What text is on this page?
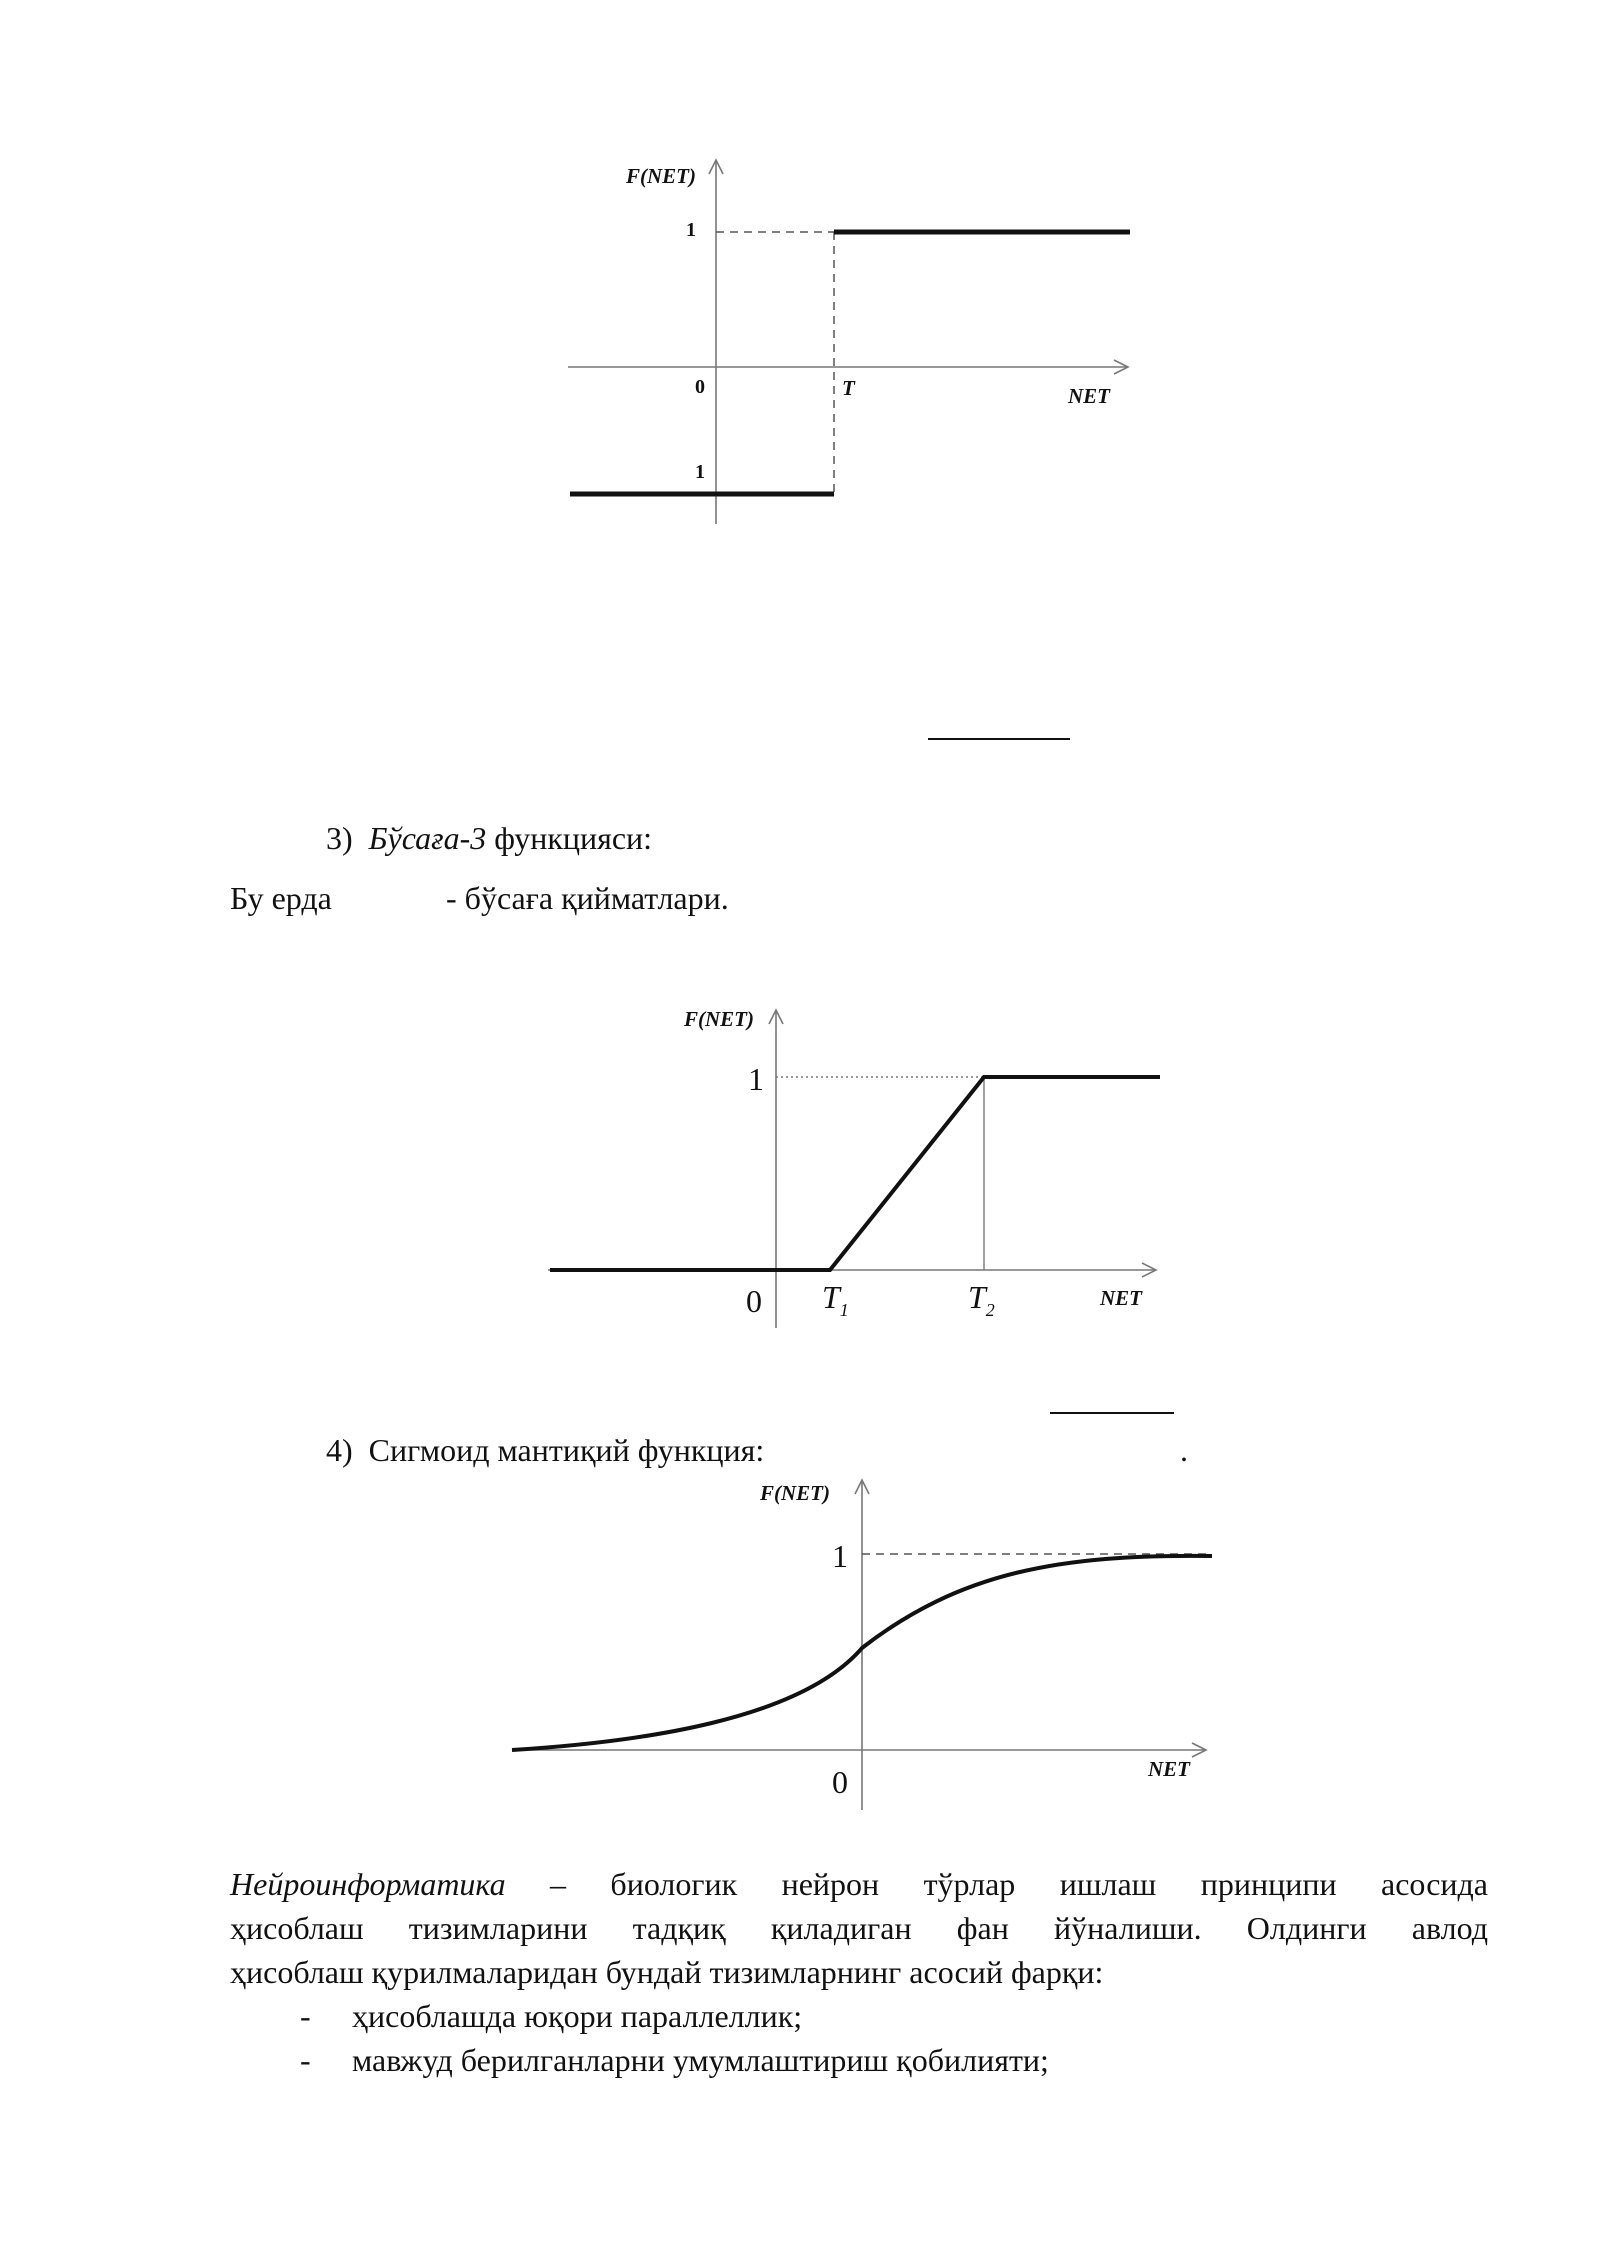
F(NET)
NET
1
0
1
T
F(NET)
NET
1
0 $T_1$	$T_2$
F(NET)
NET
1
0
3) Бўсаға-3 функцияси:
Бу ерда	- бўсаға қийматлари.
4) Сигмоид мантиқий функция:	.
Нейроинформатика – биологик нейрон тўрлар ишлаш принципи асосида
ҳисоблаш тизимларини тадқиқ қиладиган фан йўналиши. Олдинги авлод
ҳисоблаш қурилмаларидан бундай тизимларнинг асосий фарқи:
- ҳисоблашда юқори параллеллик;
- мавжуд берилганларни умумлаштириш қобилияти;
